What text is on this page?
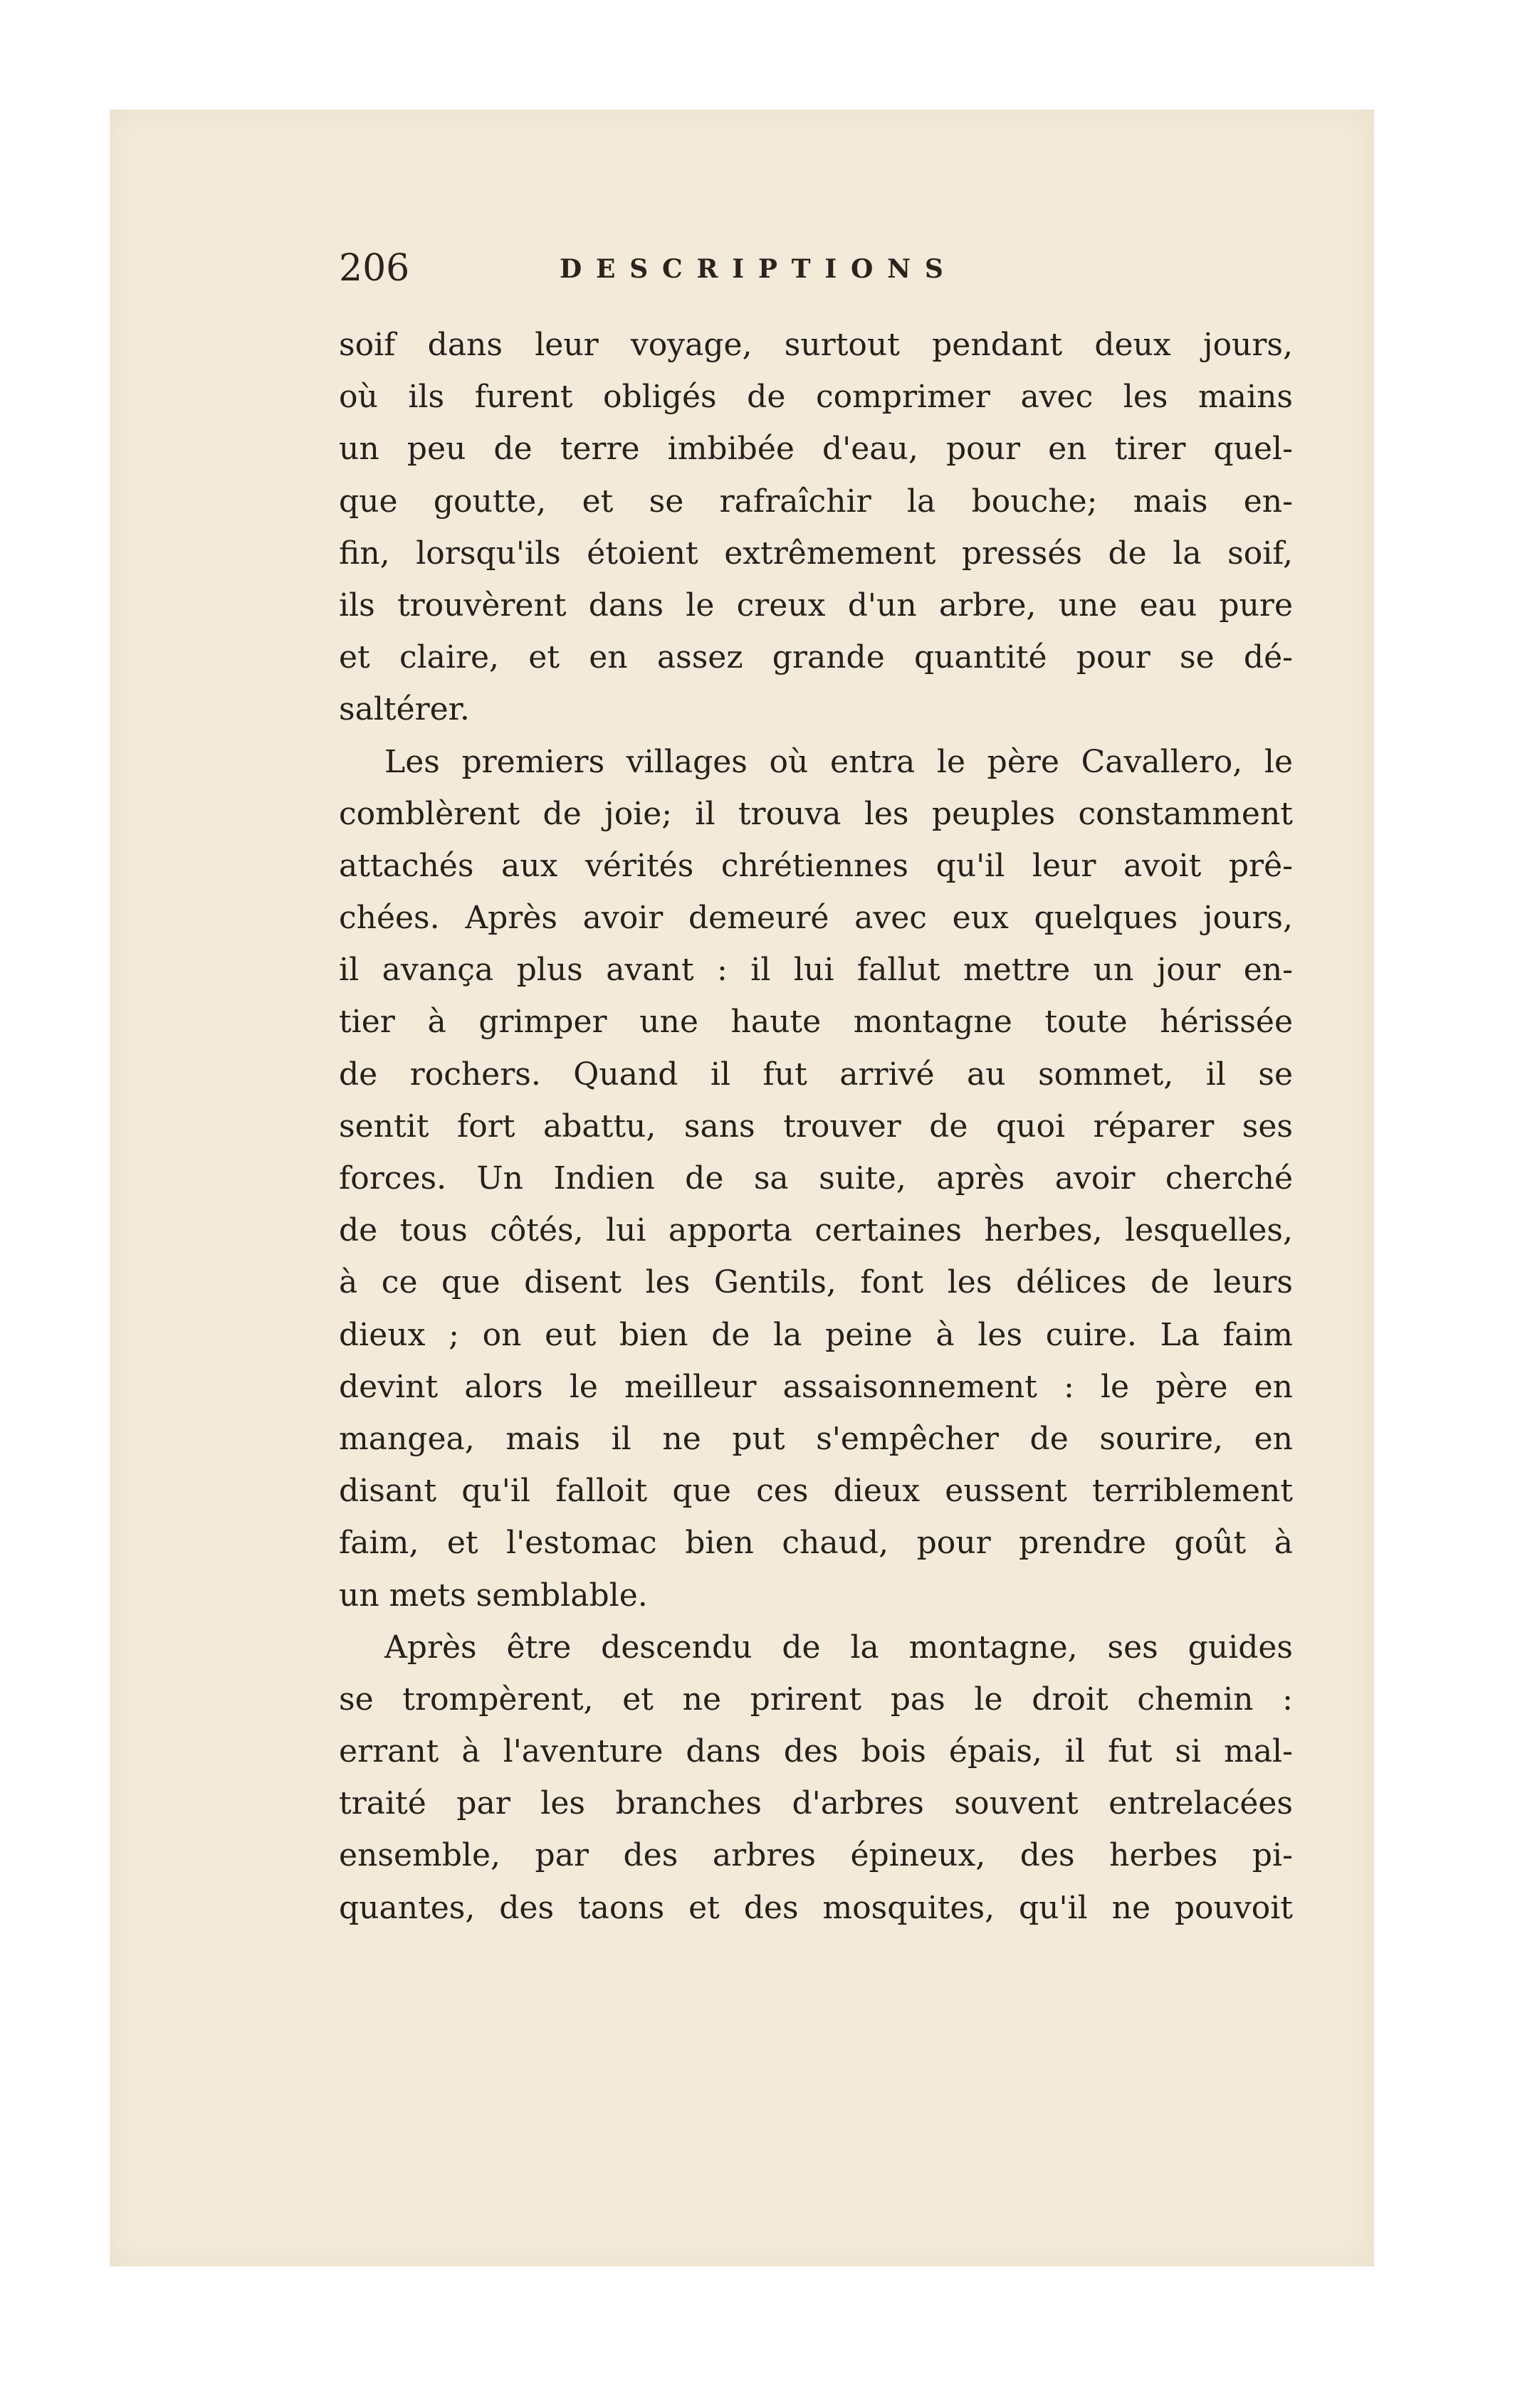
206	DESCRIPTIONS
soif dans leur voyage, surtout pendant deux jours,
où ils furent obligés de comprimer avec les mains
un peu de terre imbibée d'eau, pour en tirer quel-
que goutte, et se rafraîchir la bouche; mais en-
fin, lorsqu'ils étoient extrêmement pressés de la soif,
ils trouvèrent dans le creux d'un arbre, une eau pure
et claire, et en assez grande quantité pour se dé-
saltérer.
Les premiers villages où entra le père Cavallero, le
comblèrent de joie; il trouva les peuples constamment
attachés aux vérités chrétiennes qu'il leur avoit prê-
chées. Après avoir demeuré avec eux quelques jours,
il avança plus avant : il lui fallut mettre un jour en-
tier à grimper une haute montagne toute hérissée
de rochers. Quand il fut arrivé au sommet, il se
sentit fort abattu, sans trouver de quoi réparer ses
forces. Un Indien de sa suite, après avoir cherché
de tous côtés, lui apporta certaines herbes, lesquelles,
à ce que disent les Gentils, font les délices de leurs
dieux ; on eut bien de la peine à les cuire. La faim
devint alors le meilleur assaisonnement : le père en
mangea, mais il ne put s'empêcher de sourire, en
disant qu'il falloit que ces dieux eussent terriblement
faim, et l'estomac bien chaud, pour prendre goût à
un mets semblable.
Après être descendu de la montagne, ses guides
se trompèrent, et ne prirent pas le droit chemin :
errant à l'aventure dans des bois épais, il fut si mal-
traité par les branches d'arbres souvent entrelacées
ensemble, par des arbres épineux, des herbes pi-
quantes, des taons et des mosquites, qu'il ne pouvoit
